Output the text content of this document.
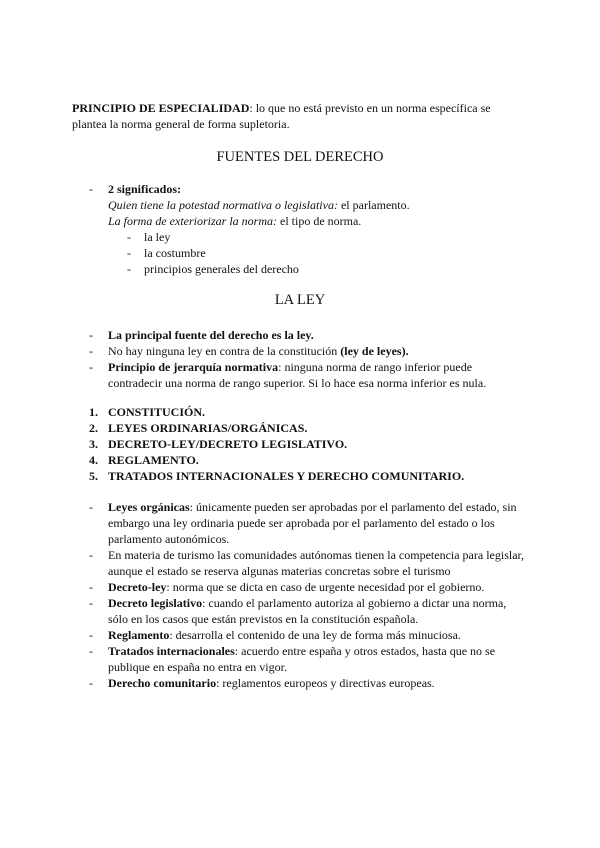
PRINCIPIO DE ESPECIALIDAD: lo que no está previsto en un norma específica se plantea la norma general de forma supletoria.

FUENTES DEL DERECHO
- 2 significados:
Quien tiene la potestad normativa o legislativa: el parlamento.
La forma de exteriorizar la norma: el tipo de norma.
- la ley
- la costumbre
- principios generales del derecho
LA LEY
- La principal fuente del derecho es la ley.
- No hay ninguna ley en contra de la constitución (ley de leyes).
- Principio de jerarquía normativa: ninguna norma de rango inferior puede contradecir una norma de rango superior. Si lo hace esa norma inferior es nula.
1. CONSTITUCIÓN.
2. LEYES ORDINARIAS/ORGÁNICAS.
3. DECRETO-LEY/DECRETO LEGISLATIVO.
4. REGLAMENTO.
5. TRATADOS INTERNACIONALES Y DERECHO COMUNITARIO.
- Leyes orgánicas: únicamente pueden ser aprobadas por el parlamento del estado, sin embargo una ley ordinaria puede ser aprobada por el parlamento del estado o los parlamento autonómicos.
- En materia de turismo las comunidades autónomas tienen la competencia para legislar, aunque el estado se reserva algunas materias concretas sobre el turismo
- Decreto-ley: norma que se dicta en caso de urgente necesidad por el gobierno.
- Decreto legislativo: cuando el parlamento autoriza al gobierno a dictar una norma, sólo en los casos que están previstos en la constitución española.
- Reglamento: desarrolla el contenido de una ley de forma más minuciosa.
- Tratados internacionales: acuerdo entre españa y otros estados, hasta que no se publique en españa no entra en vigor.
- Derecho comunitario: reglamentos europeos y directivas europeas.
